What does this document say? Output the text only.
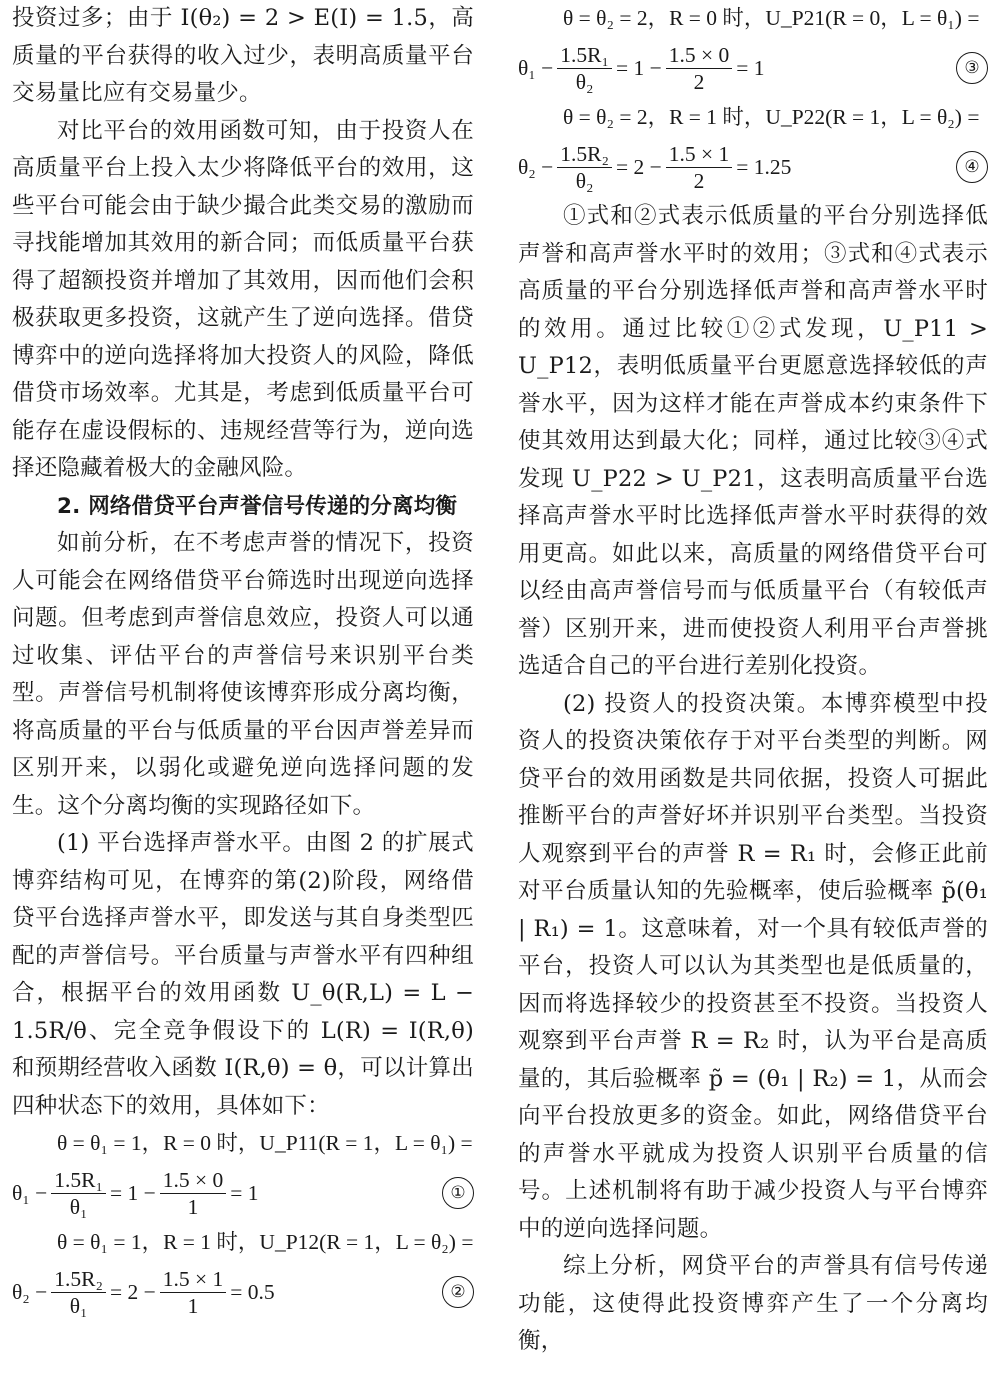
投资过多；由于 I(θ₂) = 2 > E(I) = 1.5，高质量的平台获得的收入过少，表明高质量平台交易量比应有交易量少。

对比平台的效用函数可知，由于投资人在高质量平台上投入太少将降低平台的效用，这些平台可能会由于缺少撮合此类交易的激励而寻找能增加其效用的新合同；而低质量平台获得了超额投资并增加了其效用，因而他们会积极获取更多投资，这就产生了逆向选择。借贷博弈中的逆向选择将加大投资人的风险，降低借贷市场效率。尤其是，考虑到低质量平台可能存在虚设假标的、违规经营等行为，逆向选择还隐藏着极大的金融风险。

2. 网络借贷平台声誉信号传递的分离均衡

如前分析，在不考虑声誉的情况下，投资人可能会在网络借贷平台筛选时出现逆向选择问题。但考虑到声誉信息效应，投资人可以通过收集、评估平台的声誉信号来识别平台类型。声誉信号机制将使该博弈形成分离均衡，将高质量的平台与低质量的平台因声誉差异而区别开来，以弱化或避免逆向选择问题的发生。这个分离均衡的实现路径如下。

(1) 平台选择声誉水平。由图 2 的扩展式博弈结构可见，在博弈的第(2)阶段，网络借贷平台选择声誉水平，即发送与其自身类型匹配的声誉信号。平台质量与声誉水平有四种组合，根据平台的效用函数 U_θ(R,L) = L − 1.5R/θ、完全竞争假设下的 L(R) = I(R,θ) 和预期经营收入函数 I(R,θ) = θ，可以计算出四种状态下的效用，具体如下：

θ = θ₁ = 1，R = 0 时，U_P11(R = 1，L = θ₁) =

$\theta_1 - \frac{\text{1.5R₁}}{\text{θ₁}} = 1 - \frac{1.5 \times 0}{1} = 1$	①

θ = θ₁ = 1，R = 1 时，U_P12(R = 1，L = θ₂) =

$\theta_2 - \frac{\text{1.5R₂}}{\text{θ₁}} = 2 - \frac{1.5 \times 1}{1} = 0.5$	②

θ = θ₂ = 2，R = 0 时，U_P21(R = 0，L = θ₁) =

$\theta_1 - \frac{\text{1.5R₁}}{\text{θ₂}} = 1 - \frac{1.5 \times 0}{2} = 1$	③

θ = θ₂ = 2，R = 1 时，U_P22(R = 1，L = θ₂) =

$\theta_2 - \frac{\text{1.5R₂}}{\text{θ₂}} = 2 - \frac{1.5 \times 1}{2} = 1.25$	④

①式和②式表示低质量的平台分别选择低声誉和高声誉水平时的效用；③式和④式表示高质量的平台分别选择低声誉和高声誉水平时的效用。通过比较①②式发现，U_P11 > U_P12，表明低质量平台更愿意选择较低的声誉水平，因为这样才能在声誉成本约束条件下使其效用达到最大化；同样，通过比较③④式发现 U_P22 > U_P21，这表明高质量平台选择高声誉水平时比选择低声誉水平时获得的效用更高。如此以来，高质量的网络借贷平台可以经由高声誉信号而与低质量平台（有较低声誉）区别开来，进而使投资人利用平台声誉挑选适合自己的平台进行差别化投资。

(2) 投资人的投资决策。本博弈模型中投资人的投资决策依存于对平台类型的判断。网贷平台的效用函数是共同依据，投资人可据此推断平台的声誉好坏并识别平台类型。当投资人观察到平台的声誉 R = R₁ 时，会修正此前对平台质量认知的先验概率，使后验概率 p̃(θ₁ | R₁) = 1。这意味着，对一个具有较低声誉的平台，投资人可以认为其类型也是低质量的，因而将选择较少的投资甚至不投资。当投资人观察到平台声誉 R = R₂ 时，认为平台是高质量的，其后验概率 p̃ = (θ₁ | R₂) = 1，从而会向平台投放更多的资金。如此，网络借贷平台的声誉水平就成为投资人识别平台质量的信号。上述机制将有助于减少投资人与平台博弈中的逆向选择问题。

综上分析，网贷平台的声誉具有信号传递功能，这使得此投资博弈产生了一个分离均衡，
